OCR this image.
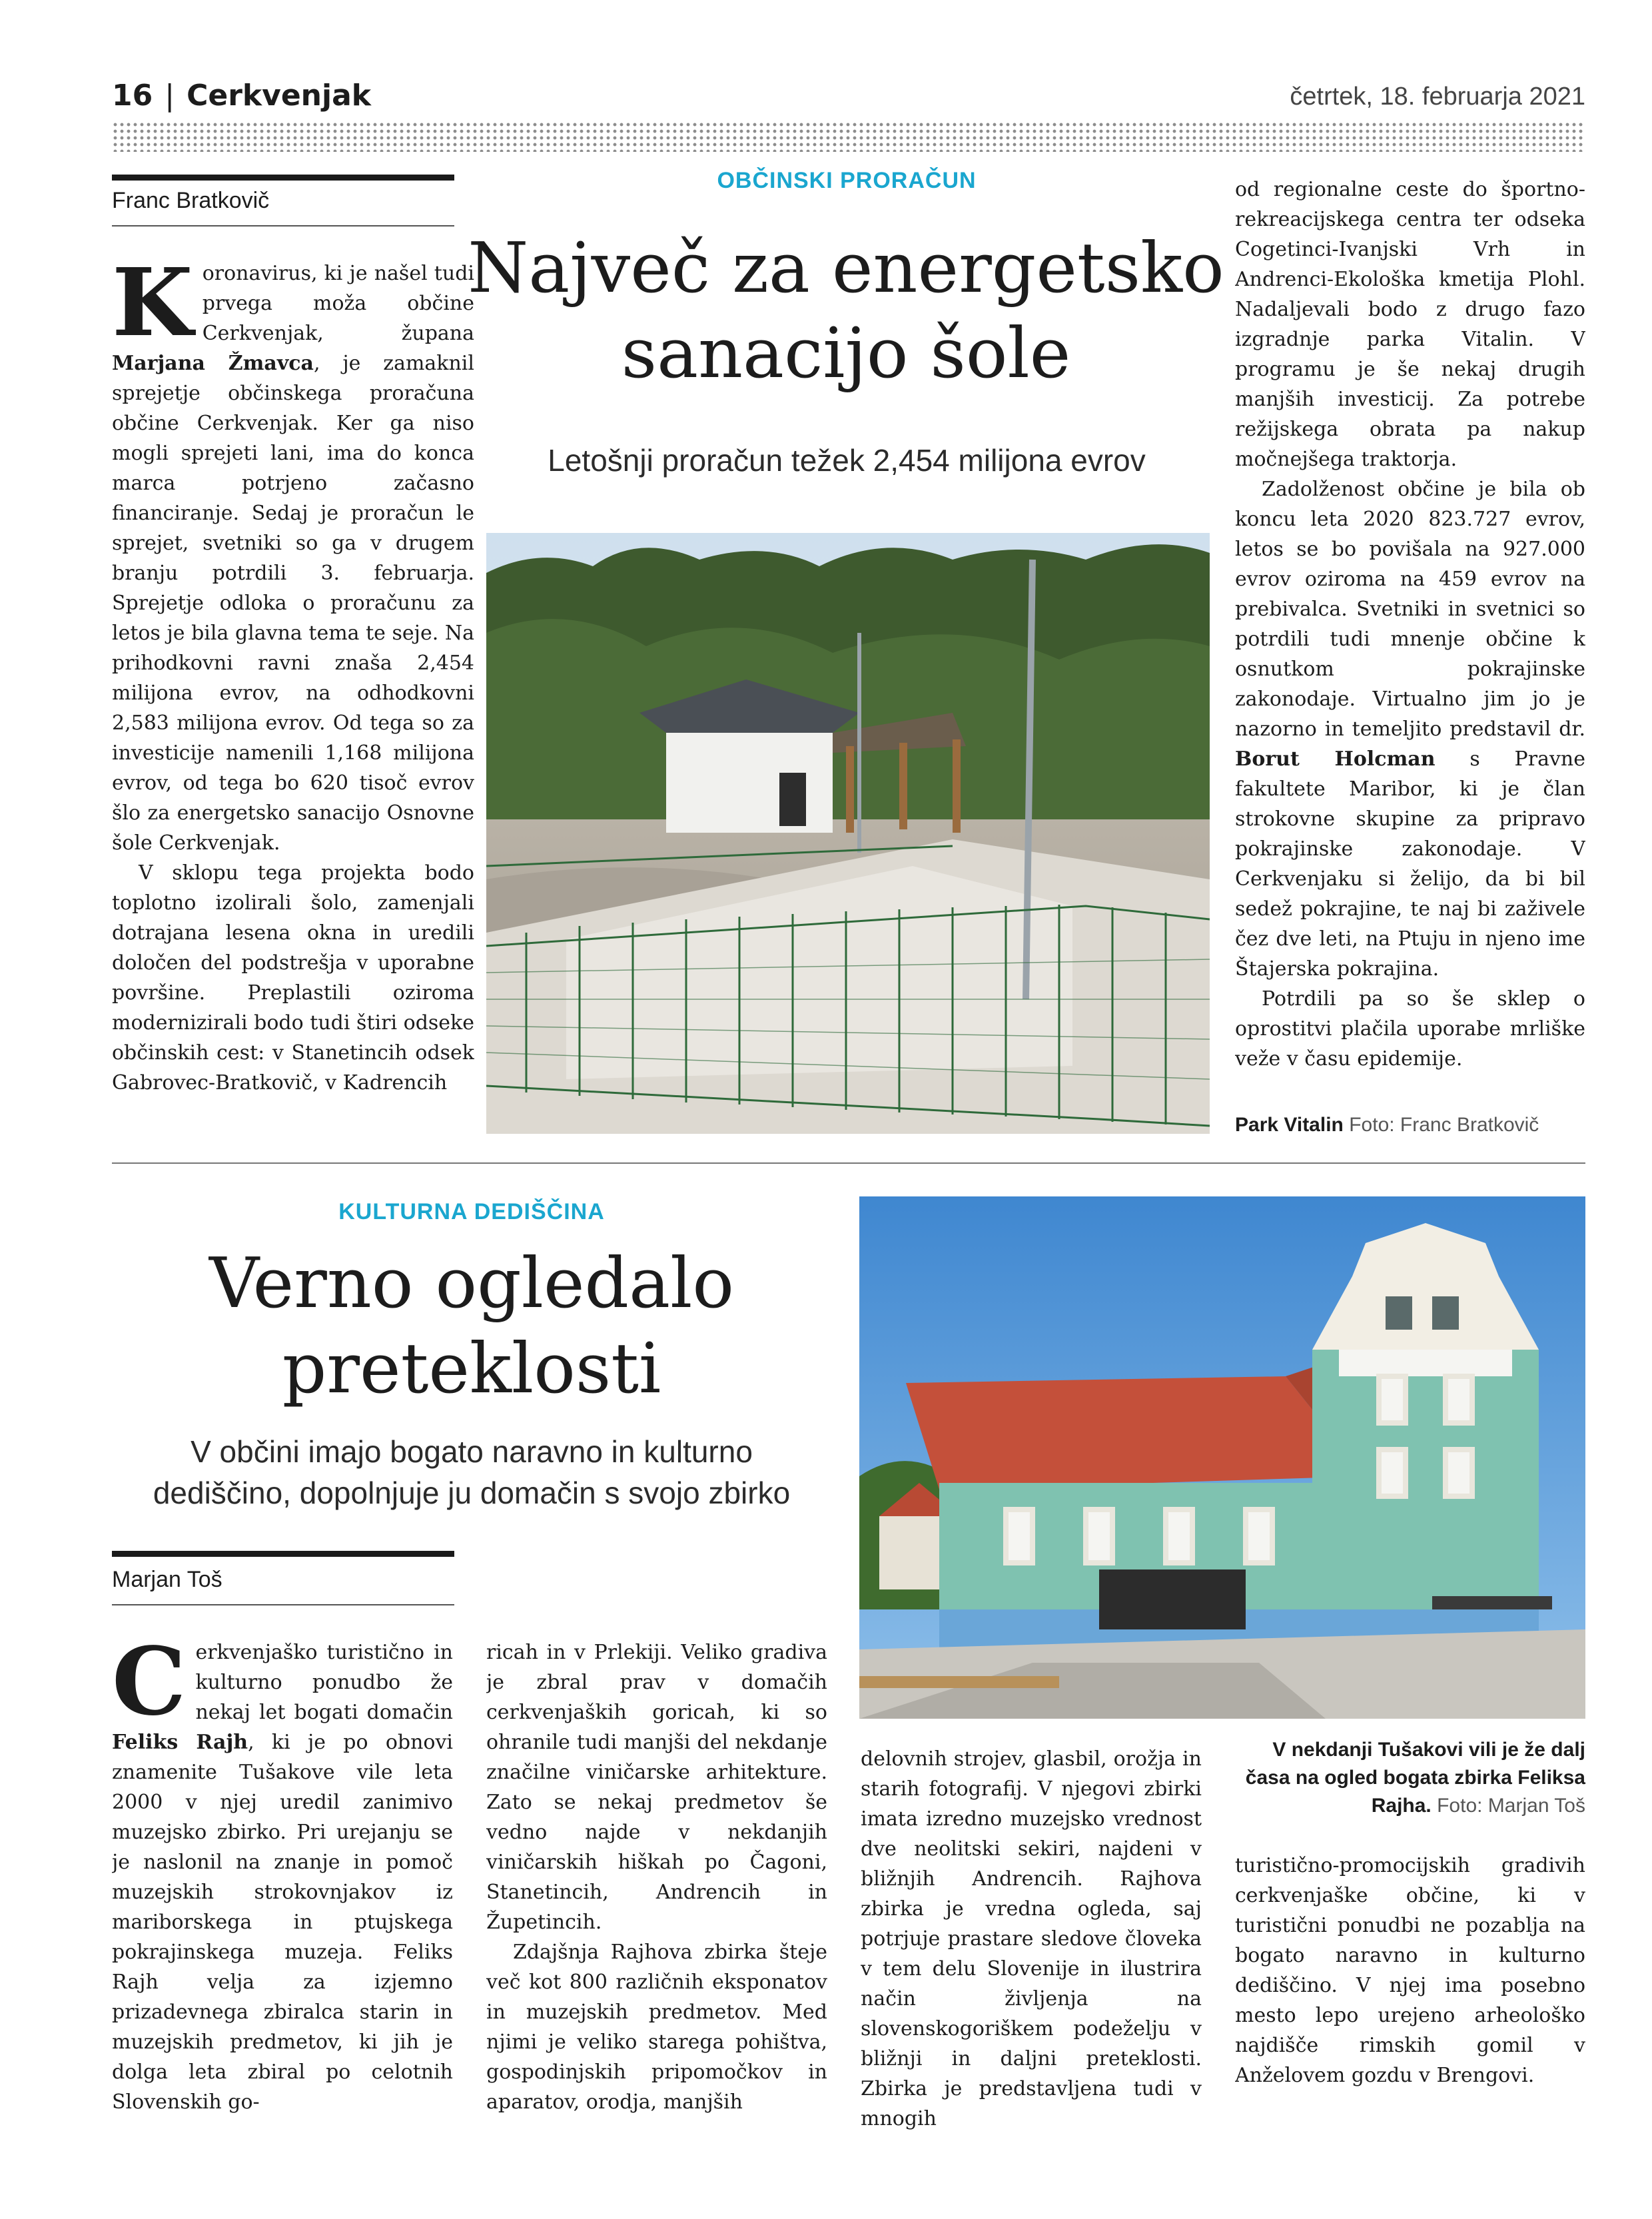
16 | Cerkvenjak	četrtek, 18. februarja 2021
Franc Bratkovič
OBČINSKI PRORAČUN
Največ za energetsko
sanacijo šole
Letošnji proračun težek 2,454 milijona evrov

Koronavirus, ki je našel tudi prvega moža občine Cerkvenjak, župana Marjana Žmavca, je zamaknil sprejetje občinskega proračuna občine Cerkvenjak. Ker ga niso mogli sprejeti lani, ima do konca marca potrjeno začasno financiranje. Sedaj je proračun le sprejet, svetniki so ga v drugem branju potrdili 3. februarja. Sprejetje odloka o proračunu za letos je bila glavna tema te seje. Na prihodkovni ravni znaša 2,454 milijona evrov, na odhodkovni 2,583 milijona evrov. Od tega so za investicije namenili 1,168 milijona evrov, od tega bo 620 tisoč evrov šlo za energetsko sanacijo Osnovne šole Cerkvenjak.

V sklopu tega projekta bodo toplotno izolirali šolo, zamenjali dotrajana lesena okna in uredili določen del podstrešja v uporabne površine. Preplastili oziroma modernizirali bodo tudi štiri odseke občinskih cest: v Stanetincih odsek Gabrovec-Bratkovič, v Kadrencih

od regionalne ceste do športno-rekreacijskega centra ter odseka Cogetinci-Ivanjski Vrh in Andrenci-Ekološka kmetija Plohl. Nadaljevali bodo z drugo fazo izgradnje parka Vitalin. V programu je še nekaj drugih manjših investicij. Za potrebe režijskega obrata pa nakup močnejšega traktorja.

Zadolženost občine je bila ob koncu leta 2020 823.727 evrov, letos se bo povišala na 927.000 evrov oziroma na 459 evrov na prebivalca. Svetniki in svetnici so potrdili tudi mnenje občine k osnutkom pokrajinske zakonodaje. Virtualno jim jo je nazorno in temeljito predstavil dr. Borut Holcman s Pravne fakultete Maribor, ki je član strokovne skupine za pripravo pokrajinske zakonodaje. V Cerkvenjaku si želijo, da bi bil sedež pokrajine, te naj bi zaživele čez dve leti, na Ptuju in njeno ime Štajerska pokrajina.

Potrdili pa so še sklep o oprostitvi plačila uporabe mrliške veže v času epidemije.

Park Vitalin Foto: Franc Bratkovič
KULTURNA DEDIŠČINA
Verno ogledalo
preteklosti
V občini imajo bogato naravno in kulturno
dediščino, dopolnjuje ju domačin s svojo zbirko
Marjan Toš

Cerkvenjaško turistično in kulturno ponudbo že nekaj let bogati domačin Feliks Rajh, ki je po obnovi znamenite Tušakove vile leta 2000 v njej uredil zanimivo muzejsko zbirko. Pri urejanju se je naslonil na znanje in pomoč muzejskih strokovnjakov iz mariborskega in ptujskega pokrajinskega muzeja. Feliks Rajh velja za izjemno prizadevnega zbiralca starin in muzejskih predmetov, ki jih je dolga leta zbiral po celotnih Slovenskih go-

ricah in v Prlekiji. Veliko gradiva je zbral prav v domačih cerkvenjaških goricah, ki so ohranile tudi manjši del nekdanje značilne viničarske arhitekture. Zato se nekaj predmetov še vedno najde v nekdanjih viničarskih hiškah po Čagoni, Stanetincih, Andrencih in Župetincih.

Zdajšnja Rajhova zbirka šteje več kot 800 različnih eksponatov in muzejskih predmetov. Med njimi je veliko starega pohištva, gospodinjskih pripomočkov in aparatov, orodja, manjših

delovnih strojev, glasbil, orožja in starih fotografij. V njegovi zbirki imata izredno muzejsko vrednost dve neolitski sekiri, najdeni v bližnjih Andrencih. Rajhova zbirka je vredna ogleda, saj potrjuje prastare sledove človeka v tem delu Slovenije in ilustrira način življenja na slovenskogoriškem podeželju v bližnji in daljni preteklosti. Zbirka je predstavljena tudi v mnogih

V nekdanji Tušakovi vili je že dalj časa na ogled bogata zbirka Feliksa Rajha. Foto: Marjan Toš

turistično-promocijskih gradivih cerkvenjaške občine, ki v turistični ponudbi ne pozablja na bogato naravno in kulturno dediščino. V njej ima posebno mesto lepo urejeno arheološko najdišče rimskih gomil v Anželovem gozdu v Brengovi.
